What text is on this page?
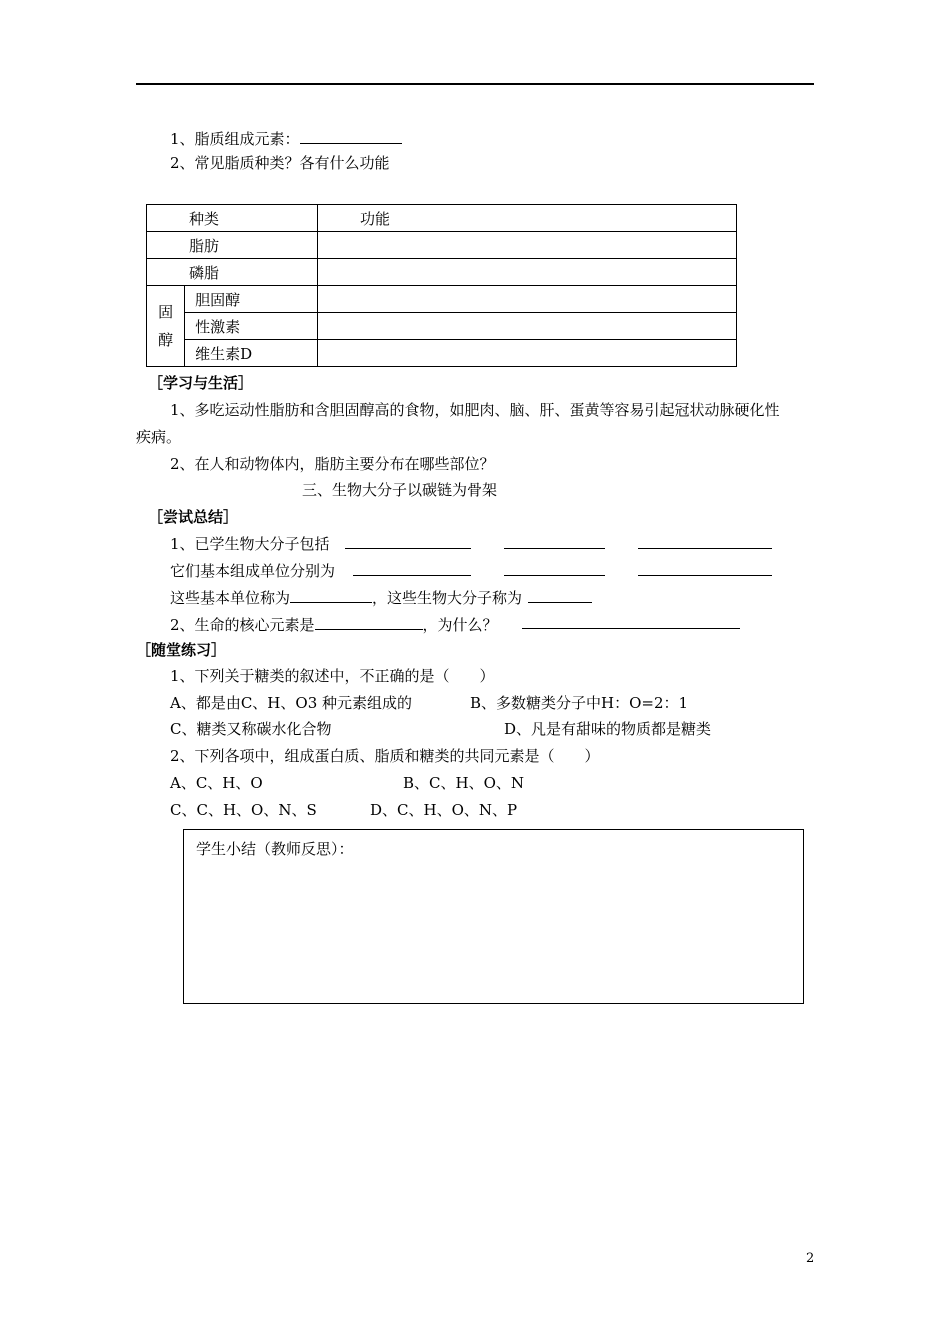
1、脂质组成元素：
2、常见脂质种类？各有什么功能
种类		功能
脂肪		
磷脂		
固
醇	胆固醇	
	性激素	
	维生素D	
［学习与生活］
1、多吃运动性脂肪和含胆固醇高的食物，如肥肉、脑、肝、蛋黄等容易引起冠状动脉硬化性
疾病。
2、在人和动物体内，脂肪主要分布在哪些部位？
三、生物大分子以碳链为骨架
［尝试总结］
1、已学生物大分子包括
它们基本组成单位分别为
这些基本单位称为	，这些生物大分子称为
2、生命的核心元素是	，为什么？
［随堂练习］
1、下列关于糖类的叙述中，不正确的是（　　）
A、都是由C、H、O3 种元素组成的	B、多数糖类分子中H：O=2：1
C、糖类又称碳水化合物	D、凡是有甜味的物质都是糖类
2、下列各项中，组成蛋白质、脂质和糖类的共同元素是（　　）
A、C、H、O	B、C、H、O、N
C、C、H、O、N、S	D、C、H、O、N、P
学生小结（教师反思）：
2
